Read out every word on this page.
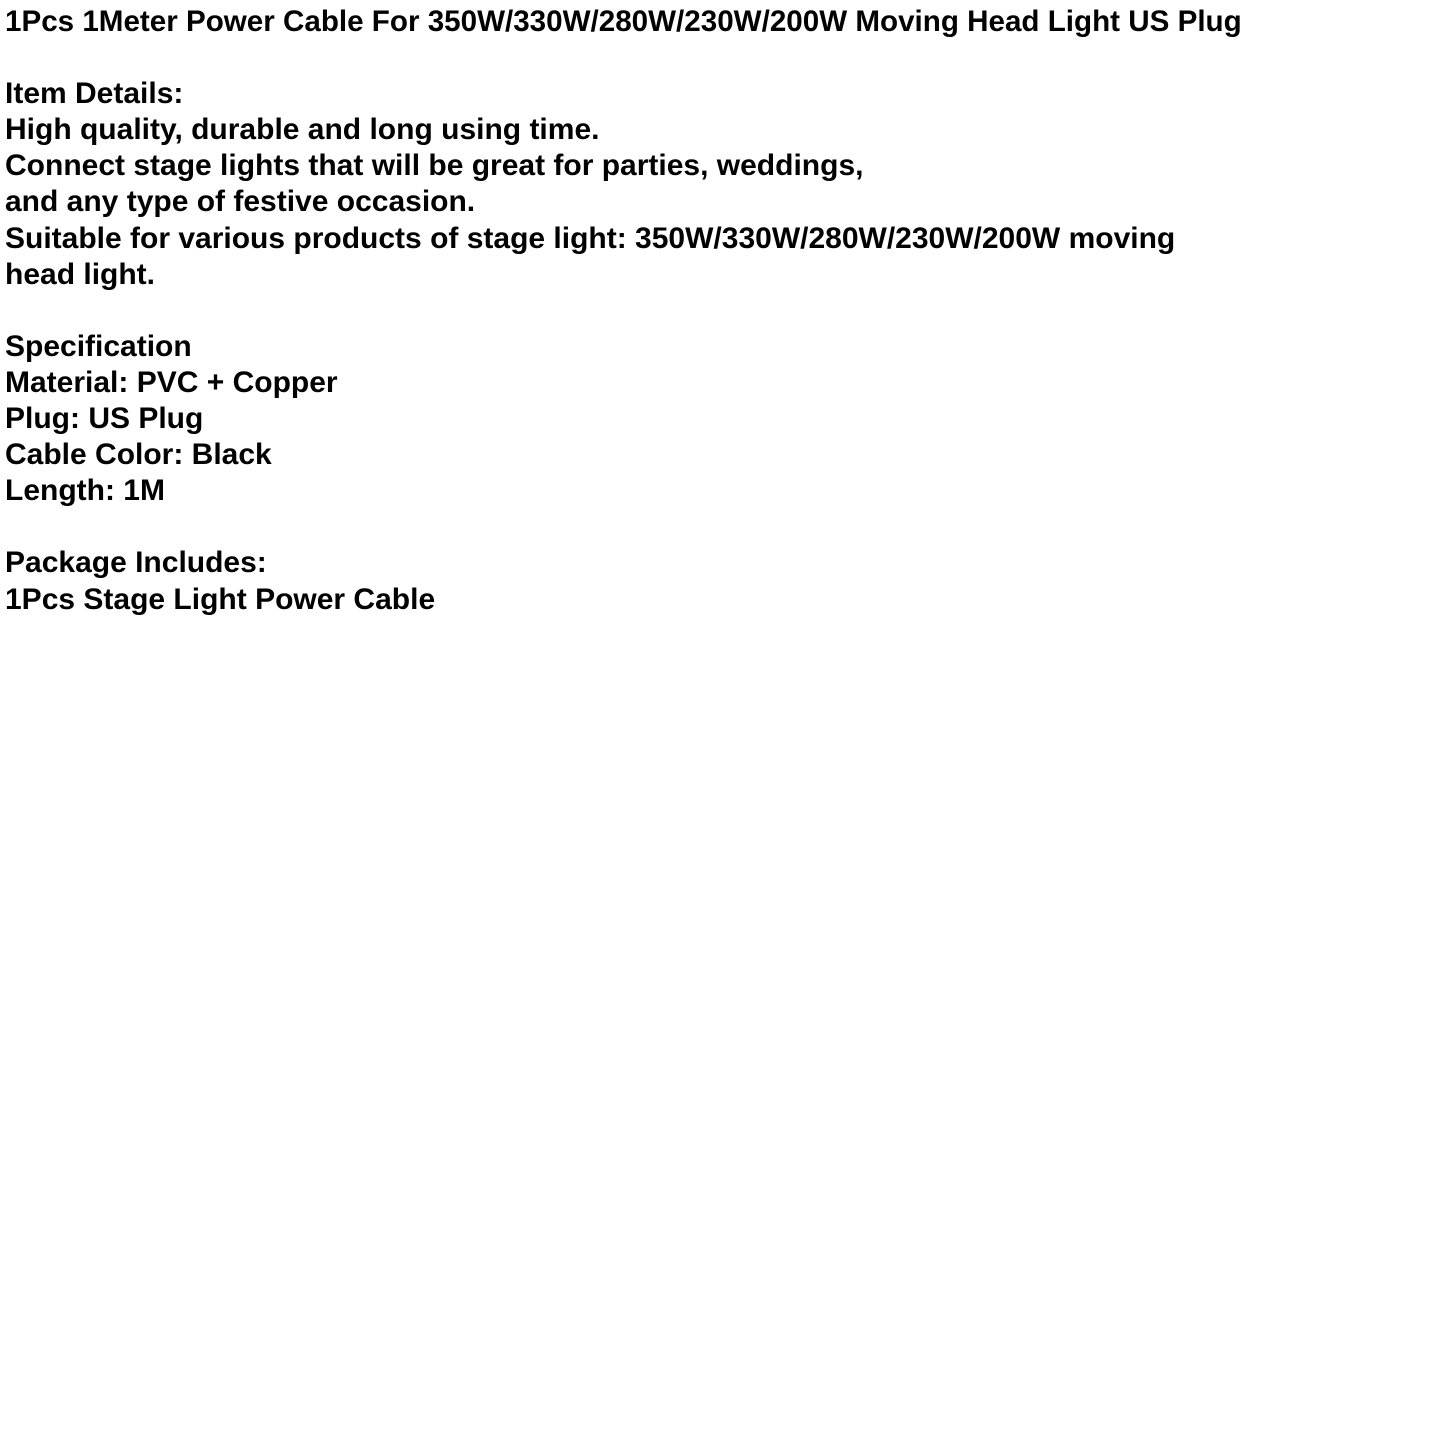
1Pcs 1Meter Power Cable For 350W/330W/280W/230W/200W Moving Head Light US Plug
Item Details:
High quality, durable and long using time.
Connect stage lights that will be great for parties, weddings,
and any type of festive occasion.
Suitable for various products of stage light: 350W/330W/280W/230W/200W moving
head light.
Specification
Material: PVC + Copper
Plug: US Plug
Cable Color: Black
Length: 1M
Package Includes:
1Pcs Stage Light Power Cable
